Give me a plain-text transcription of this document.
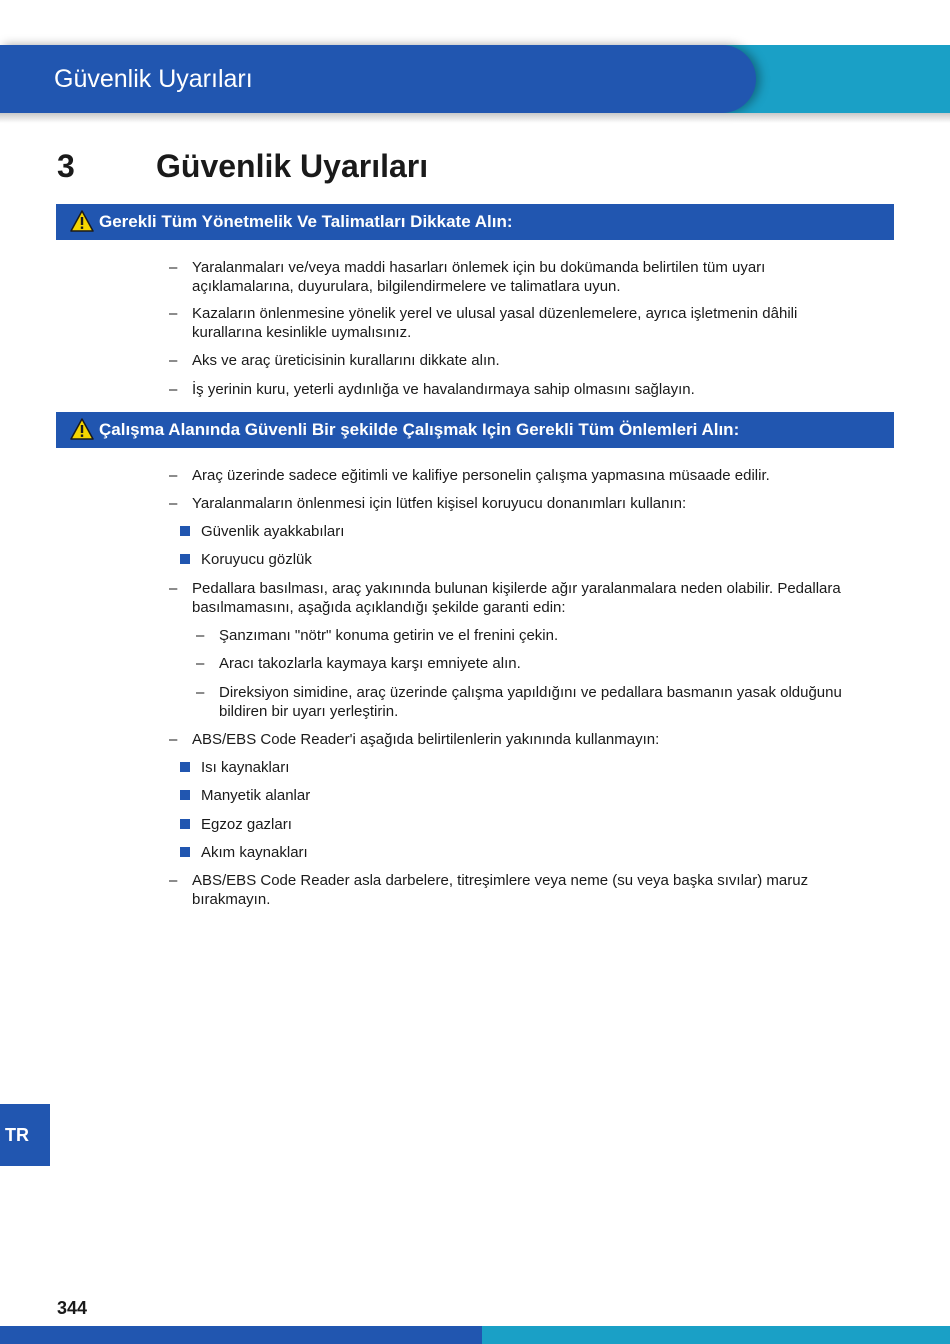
Güvenlik Uyarıları
3	Güvenlik Uyarıları
Gerekli Tüm Yönetmelik Ve Talimatları Dikkate Alın:
– Yaralanmaları ve/veya maddi hasarları önlemek için bu dokümanda belirtilen tüm uyarı
açıklamalarına, duyurulara, bilgilendirmelere ve talimatlara uyun.
– Kazaların önlenmesine yönelik yerel ve ulusal yasal düzenlemelere, ayrıca işletmenin dâhili
kurallarına kesinlikle uymalısınız.
– Aks ve araç üreticisinin kurallarını dikkate alın.
– İş yerinin kuru, yeterli aydınlığa ve havalandırmaya sahip olmasını sağlayın.
Çalışma Alanında Güvenli Bir şekilde Çalışmak Için Gerekli Tüm Önlemleri Alın:
– Araç üzerinde sadece eğitimli ve kalifiye personelin çalışma yapmasına müsaade edilir.
– Yaralanmaların önlenmesi için lütfen kişisel koruyucu donanımları kullanın:
Güvenlik ayakkabıları
Koruyucu gözlük
– Pedallara basılması, araç yakınında bulunan kişilerde ağır yaralanmalara neden olabilir. Pedallara
basılmamasını, aşağıda açıklandığı şekilde garanti edin:
– Şanzımanı "nötr" konuma getirin ve el frenini çekin.
– Aracı takozlarla kaymaya karşı emniyete alın.
– Direksiyon simidine, araç üzerinde çalışma yapıldığını ve pedallara basmanın yasak olduğunu
bildiren bir uyarı yerleştirin.
– ABS/EBS Code Reader'i aşağıda belirtilenlerin yakınında kullanmayın:
Isı kaynakları
Manyetik alanlar
Egzoz gazları
Akım kaynakları
– ABS/EBS Code Reader asla darbelere, titreşimlere veya neme (su veya başka sıvılar) maruz
bırakmayın.
TR
344
